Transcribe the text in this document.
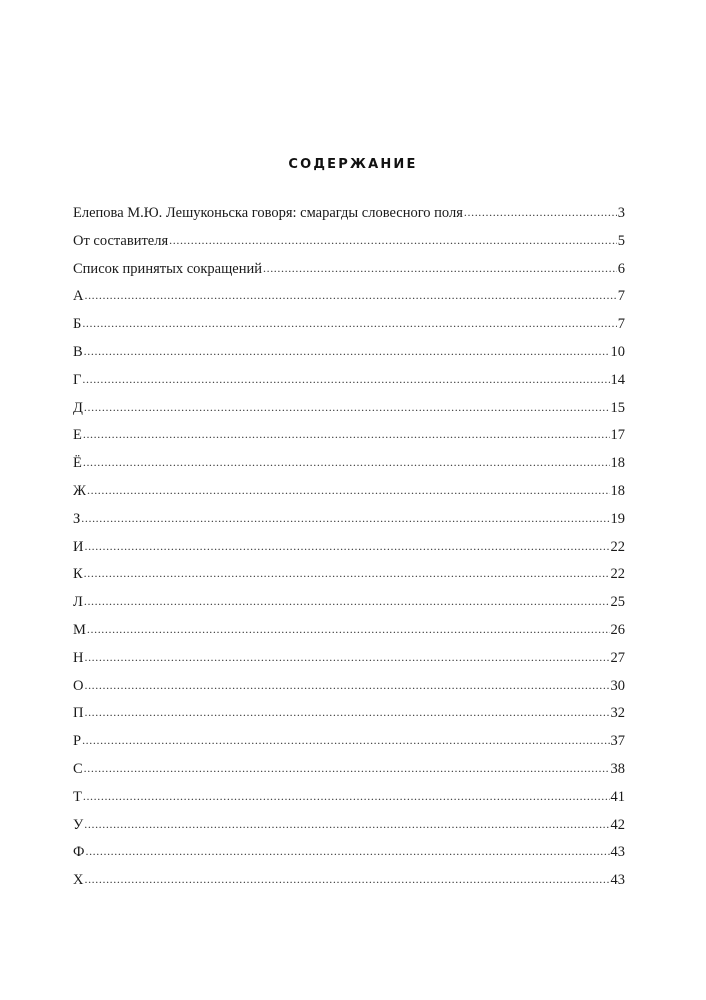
содержание
Елепова М.Ю. Лешуконьска говоря: смарагды словесного поля .....	3
От составителя .....	5
Список принятых сокращений .....	6
А .....	7
Б .....	7
В .....	10
Г .....	14
Д .....	15
Е .....	17
Ё .....	18
Ж .....	18
З .....	19
И .....	22
К .....	22
Л .....	25
М .....	26
Н .....	27
О .....	30
П .....	32
Р .....	37
С .....	38
Т .....	41
У .....	42
Ф .....	43
Х .....	43
